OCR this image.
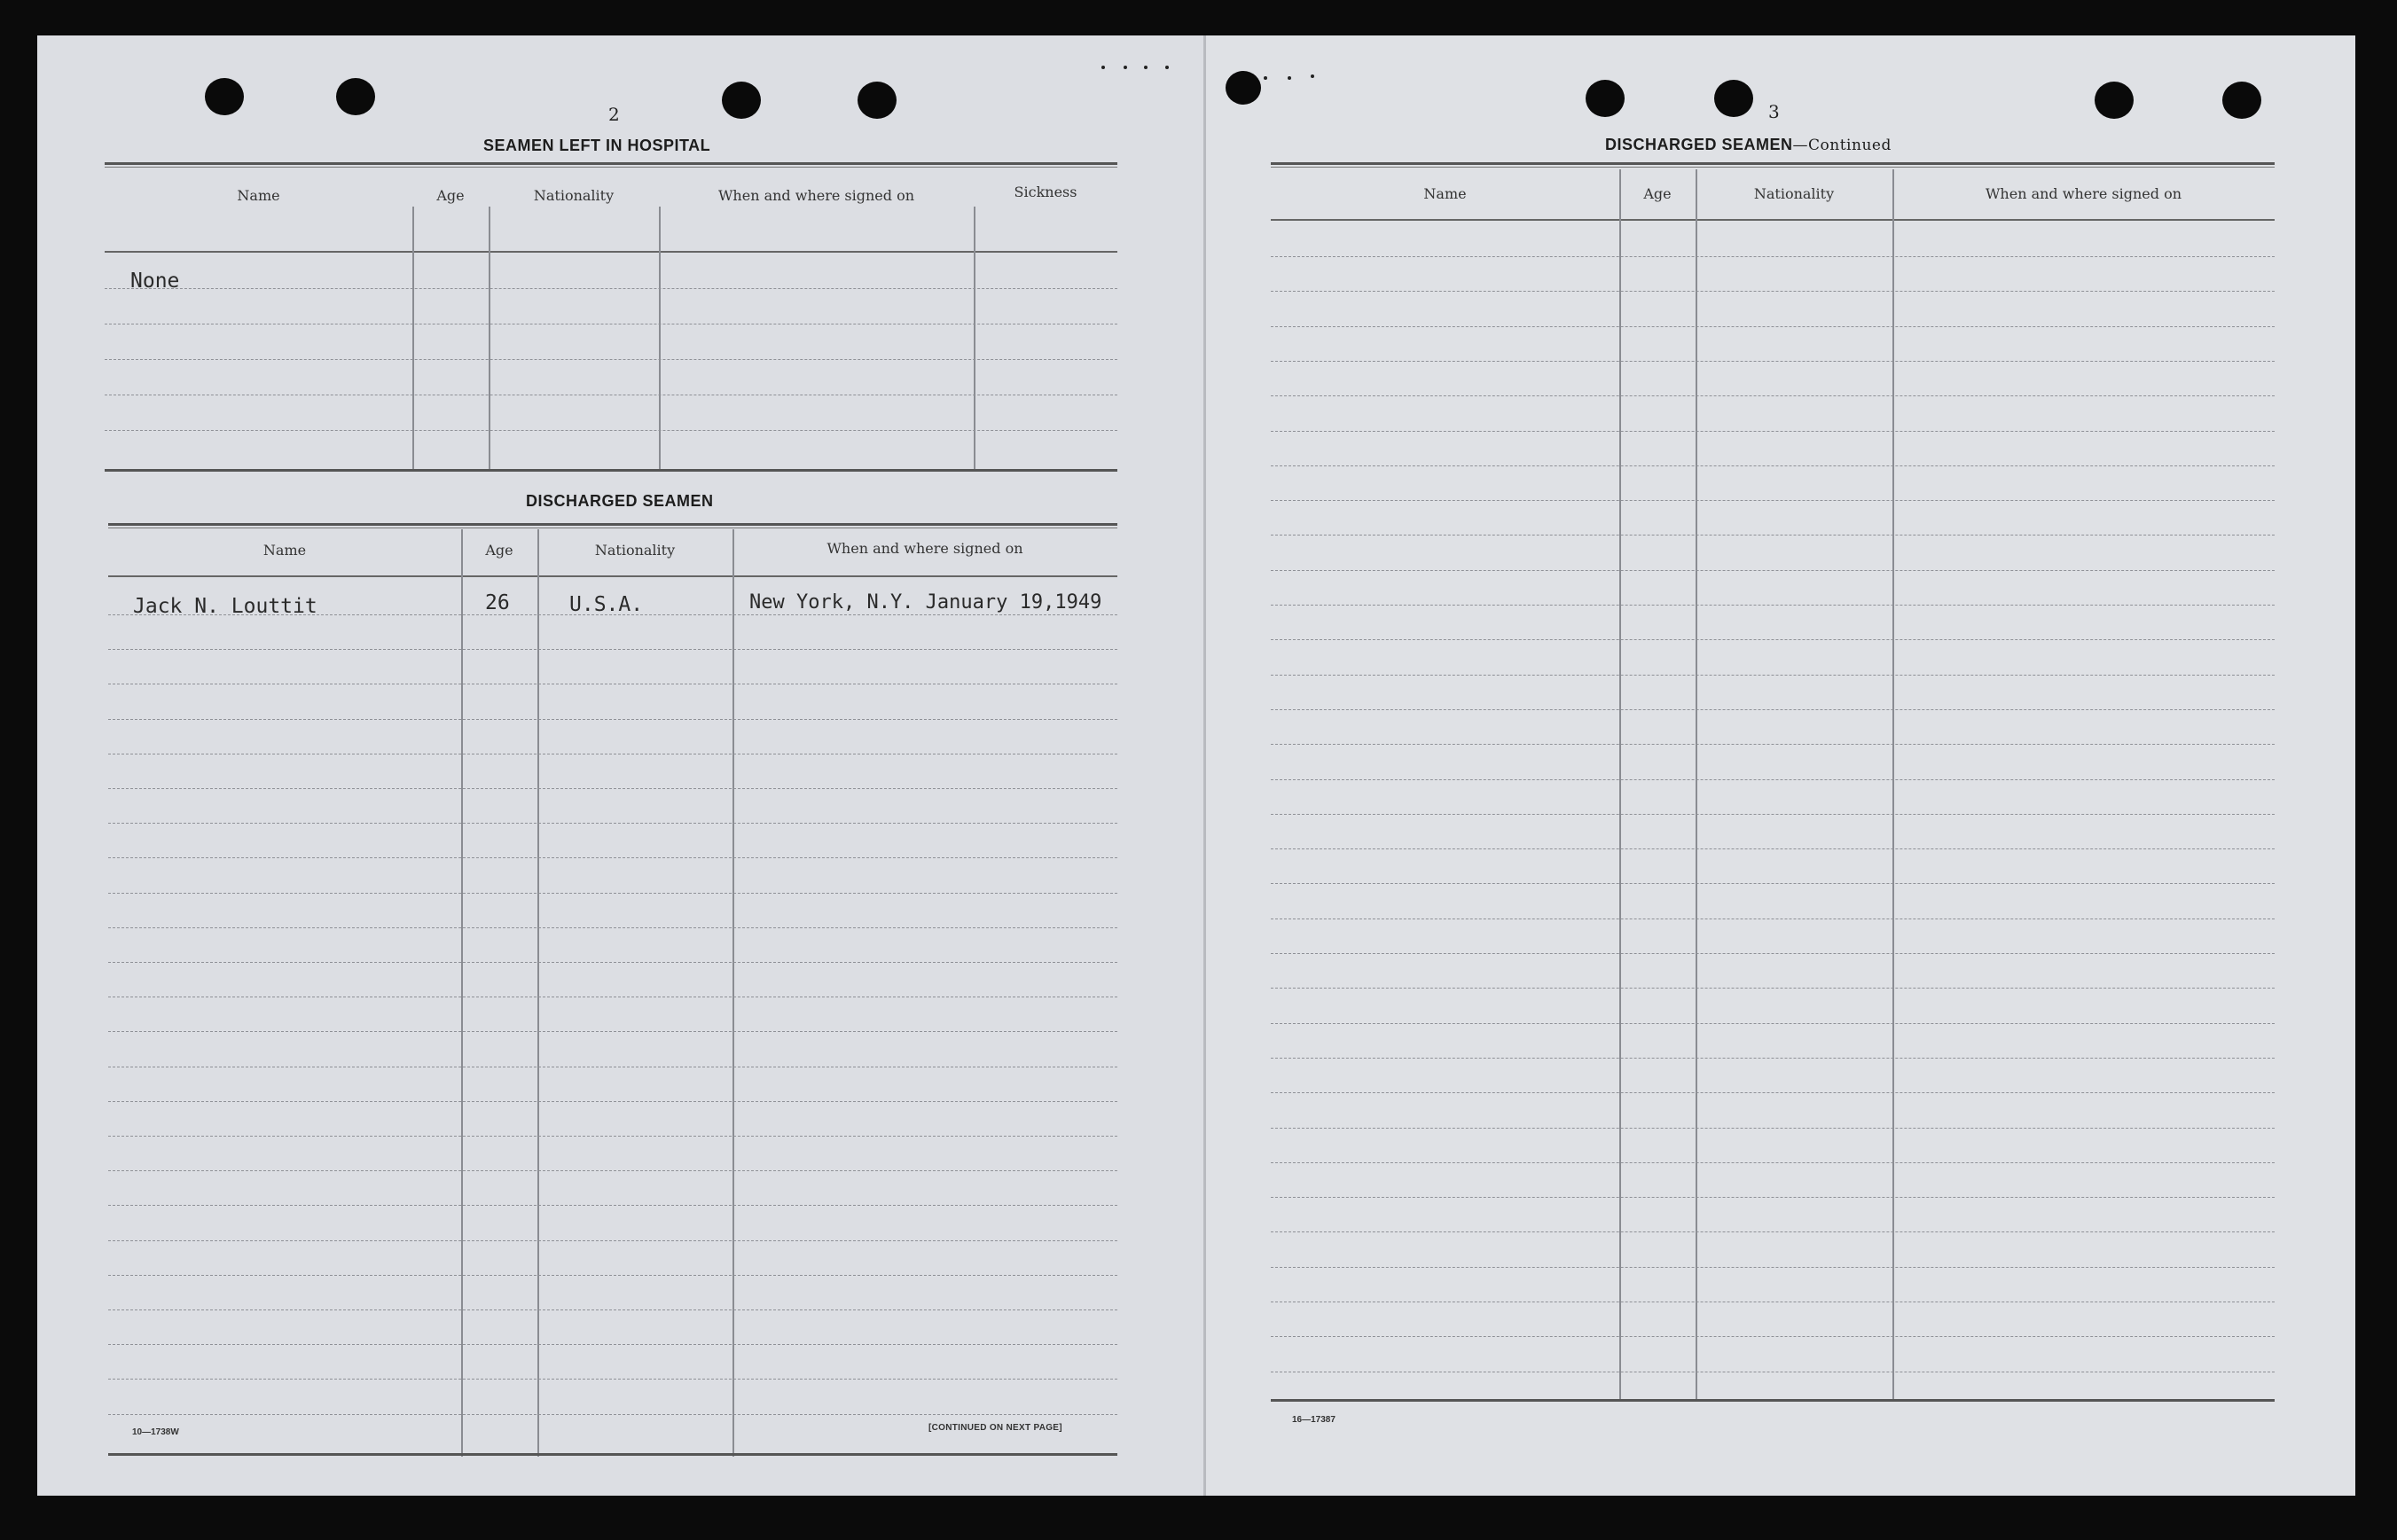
2
SEAMEN LEFT IN HOSPITAL
Name	Age	Nationality	When and where signed on	Sickness
None
DISCHARGED SEAMEN
Name	Age	Nationality	When and where signed on
Jack N. Louttit	26	U.S.A.	New York, N.Y. January 19,1949
10—1738W	[CONTINUED ON NEXT PAGE]
3
DISCHARGED SEAMEN—Continued
Name	Age	Nationality	When and where signed on
16—17387
